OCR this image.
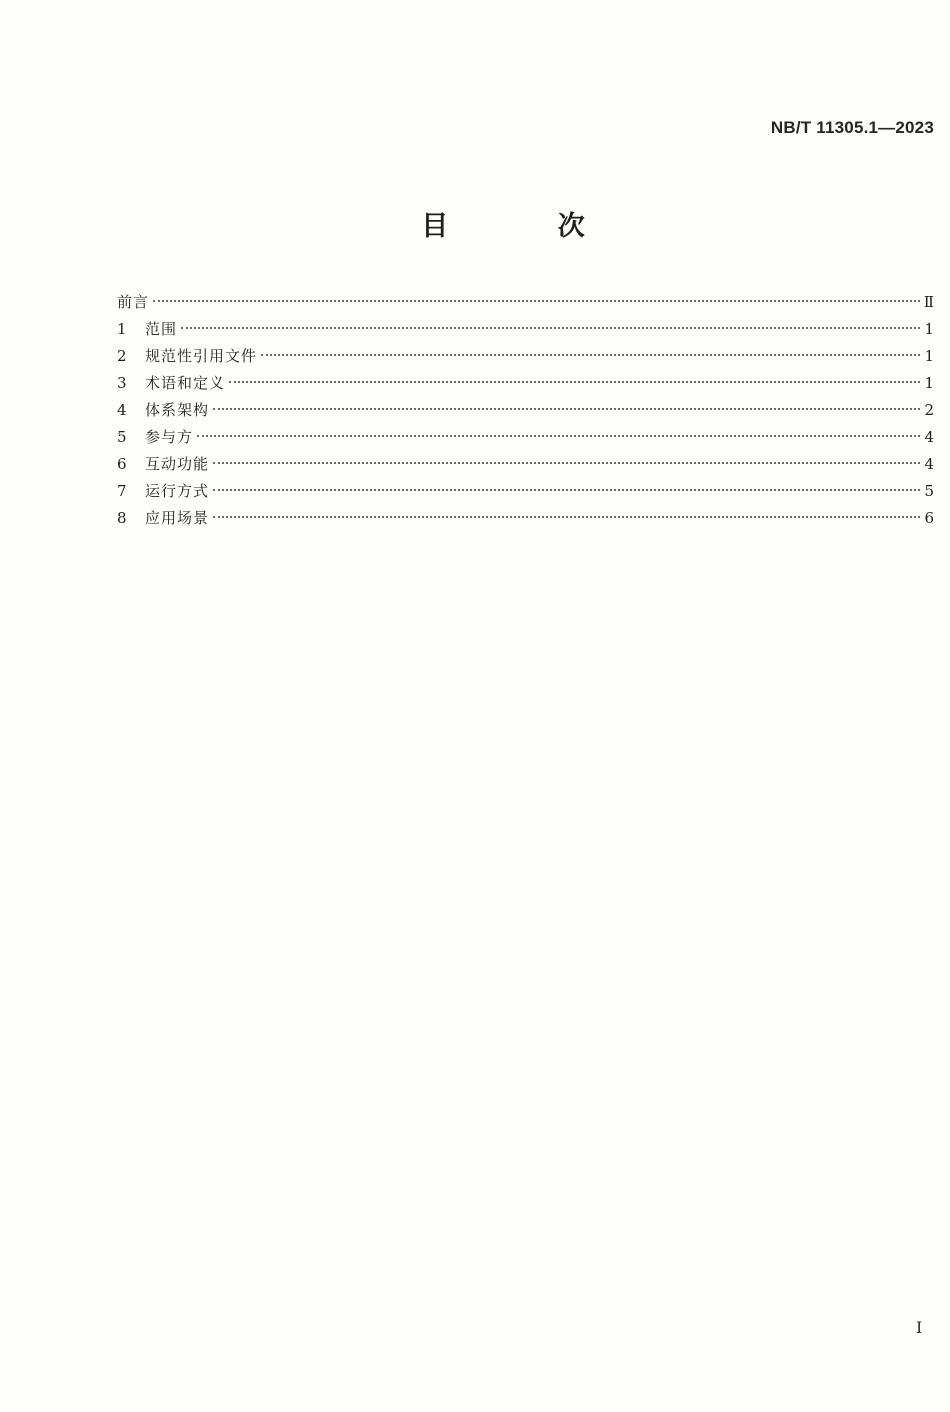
NB/T 11305.1—2023
目 次
前言	Ⅱ
1	范围	1
2	规范性引用文件	1
3	术语和定义	1
4	体系架构	2
5	参与方	4
6	互动功能	4
7	运行方式	5
8	应用场景	6
I
